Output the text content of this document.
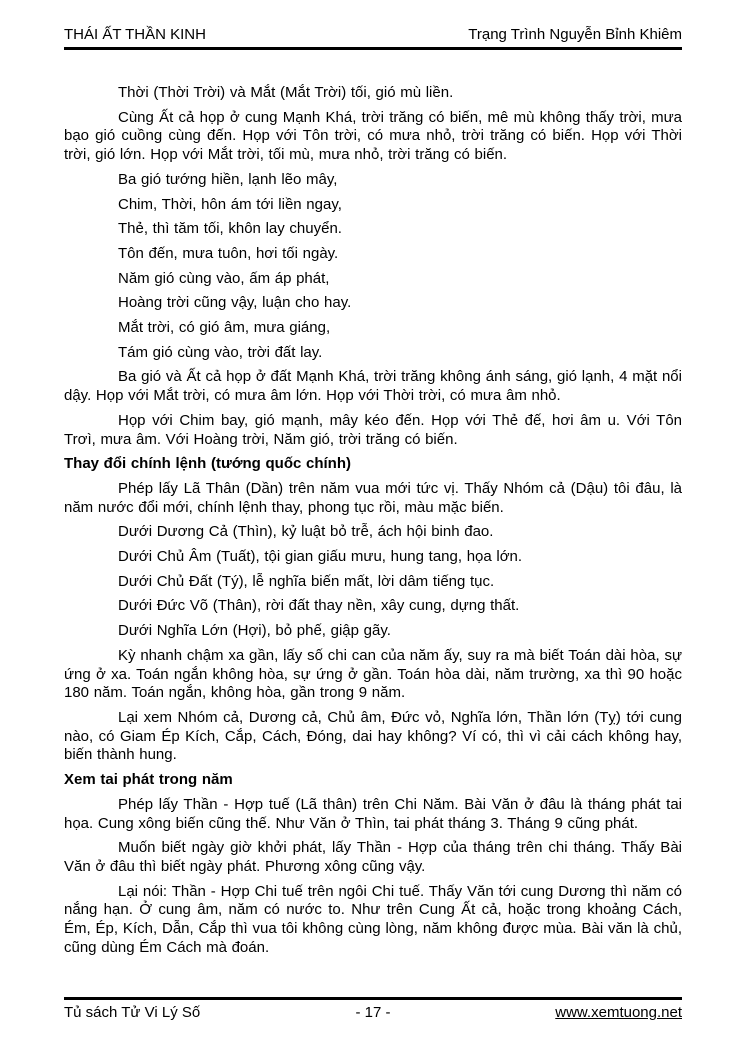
THÁI ẤT THẦN KINH	Trạng Trình Nguyễn Bỉnh Khiêm

Thời (Thời Trời) và Mắt (Mắt Trời) tối, gió mù liền.

Cùng Ất cả họp ở cung Mạnh Khá, trời trăng có biến, mê mù không thấy trời, mưa bạo gió cuồng cùng đến. Họp với Tôn trời, có mưa nhỏ, trời trăng có biến. Họp với Thời trời, gió lớn. Họp với Mắt trời, tối mù, mưa nhỏ, trời trăng có biến.

Ba gió tướng hiền, lạnh lẽo mây,

Chim, Thời, hôn ám tới liền ngay,

Thẻ, thì tăm tối, khôn lay chuyển.

Tôn đến, mưa tuôn, hơi tối ngày.

Năm gió cùng vào, ấm áp phát,

Hoàng trời cũng vậy, luận cho hay.

Mắt trời, có gió âm, mưa giáng,

Tám gió cùng vào, trời đất lay.

Ba gió và Ất cả họp ở đất Mạnh Khá, trời trăng không ánh sáng, gió lạnh, 4 mặt nổi dậy. Họp với Mắt trời, có mưa âm lớn. Họp với Thời trời, có mưa âm nhỏ.

Họp với Chim bay, gió mạnh, mây kéo đến. Họp với Thẻ đế, hơi âm u. Với Tôn Trơì, mưa âm. Với Hoàng trời, Năm gió, trời trăng có biến.

Thay đổi chính lệnh (tướng quốc chính)

Phép lấy Lã Thân (Dần) trên năm vua mới tức vị. Thấy Nhóm cả (Dậu) tôi đâu, là năm nước đổi mới, chính lệnh thay, phong tục rồi, màu mặc biến.

Dưới Dương Cả (Thìn), kỷ luật bỏ trễ, ách hội binh đao.

Dưới Chủ Âm (Tuất), tội gian giấu mưu, hung tang, họa lớn.

Dưới Chủ Đất (Tý), lễ nghĩa biến mất, lời dâm tiếng tục.

Dưới Đức Võ (Thân), rời đất thay nền, xây cung, dựng thất.

Dưới Nghĩa Lớn (Hợi), bỏ phế, giập gãy.

Kỳ nhanh chậm xa gần, lấy số chi can của năm ấy, suy ra mà biết Toán dài hòa, sự ứng ở xa. Toán ngắn không hòa, sự ứng ở gần. Toán hòa dài, năm trường, xa thì 90 hoặc 180 năm. Toán ngắn, không hòa, gần trong 9 năm.

Lại xem Nhóm cả, Dương cả, Chủ âm, Đức vỏ, Nghĩa lớn, Thần lớn (Tỵ) tới cung nào, có Giam Ép Kích, Cắp, Cách, Đóng, dai hay không? Ví có, thì vì cải cách không hay, biến thành hung.

Xem tai phát trong năm

Phép lấy Thần - Hợp tuế (Lã thân) trên Chi Năm. Bài Văn ở đâu là tháng phát tai họa. Cung xông biến cũng thế. Như Văn ở Thìn, tai phát tháng 3. Tháng 9 cũng phát.

Muốn biết ngày giờ khởi phát, lấy Thần - Hợp của tháng trên chi tháng. Thấy Bài Văn ở đâu thì biết ngày phát. Phương xông cũng vậy.

Lại nói: Thần - Hợp Chi tuế trên ngôi Chi tuế. Thấy Văn tới cung Dương thì năm có nắng hạn. Ở cung âm, năm có nước to. Như trên Cung Ất cả, hoặc trong khoảng Cách, Ém, Ép, Kích, Dẫn, Cắp thì vua tôi không cùng lòng, năm không được mùa. Bài văn là chủ, cũng dùng Ém Cách mà đoán.

Tủ sách Tử Vi Lý Số	- 17 -	www.xemtuong.net
